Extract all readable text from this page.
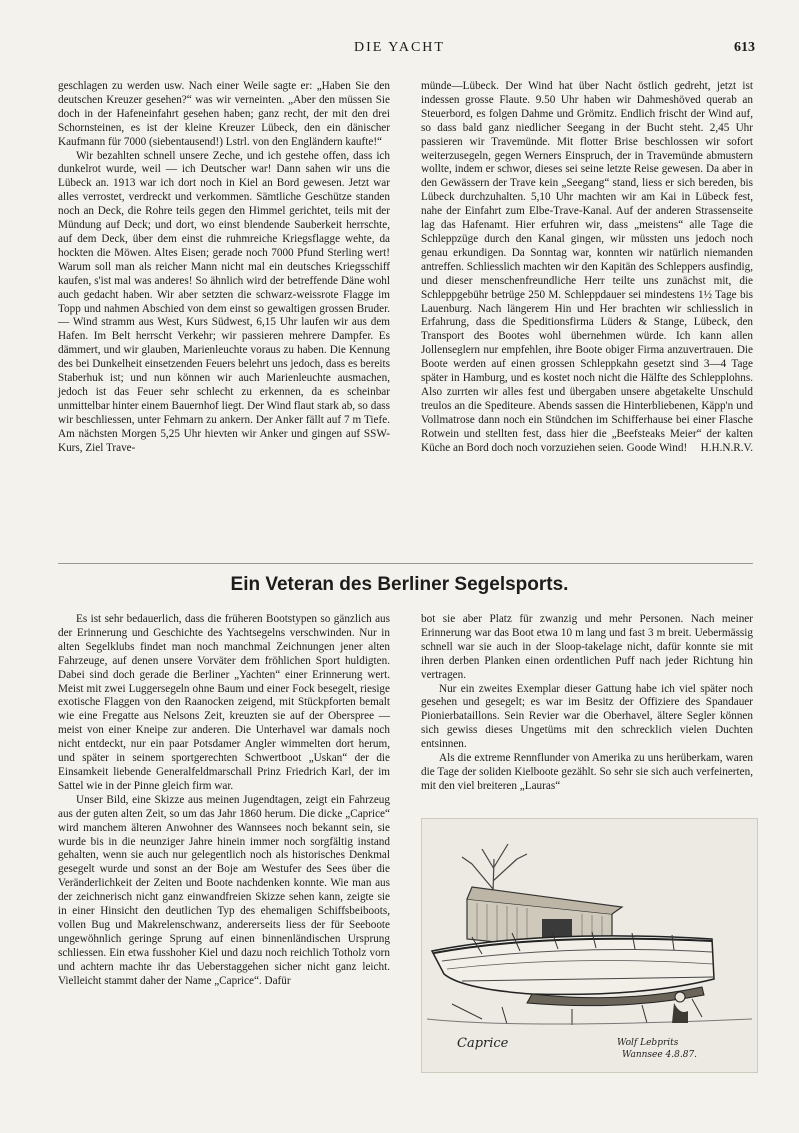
DIE YACHT	613

geschlagen zu werden usw. Nach einer Weile sagte er: „Haben Sie den deutschen Kreuzer gesehen?“ was wir verneinten. „Aber den müssen Sie doch in der Hafeneinfahrt gesehen haben; ganz recht, der mit den drei Schornsteinen, es ist der kleine Kreuzer Lübeck, den ein dänischer Kaufmann für 7000 (siebentausend!) Lstrl. von den Engländern kaufte!“

Wir bezahlten schnell unsere Zeche, und ich gestehe offen, dass ich dunkelrot wurde, weil — ich Deutscher war! Dann sahen wir uns die Lübeck an. 1913 war ich dort noch in Kiel an Bord gewesen. Jetzt war alles verrostet, verdreckt und verkommen. Sämtliche Geschütze standen noch an Deck, die Rohre teils gegen den Himmel gerichtet, teils mit der Mündung auf Deck; und dort, wo einst blendende Sauberkeit herrschte, auf dem Deck, über dem einst die ruhmreiche Kriegsflagge wehte, da hockten die Möwen. Altes Eisen; gerade noch 7000 Pfund Sterling wert! Warum soll man als reicher Mann nicht mal ein deutsches Kriegsschiff kaufen, s'ist mal was anderes! So ähnlich wird der betreffende Däne wohl auch gedacht haben. Wir aber setzten die schwarz-weissrote Flagge im Topp und nahmen Abschied von dem einst so gewaltigen grossen Bruder. — Wind stramm aus West, Kurs Südwest, 6,15 Uhr laufen wir aus dem Hafen. Im Belt herrscht Verkehr; wir passieren mehrere Dampfer. Es dämmert, und wir glauben, Marienleuchte voraus zu haben. Die Kennung des bei Dunkelheit einsetzenden Feuers belehrt uns jedoch, dass es bereits Staberhuk ist; und nun können wir auch Marienleuchte ausmachen, jedoch ist das Feuer sehr schlecht zu erkennen, da es scheinbar unmittelbar hinter einem Bauernhof liegt. Der Wind flaut stark ab, so dass wir beschliessen, unter Fehmarn zu ankern. Der Anker fällt auf 7 m Tiefe. Am nächsten Morgen 5,25 Uhr hievten wir Anker und gingen auf SSW-Kurs, Ziel Trave-

münde—Lübeck. Der Wind hat über Nacht östlich gedreht, jetzt ist indessen grosse Flaute. 9.50 Uhr haben wir Dahmeshöved querab an Steuerbord, es folgen Dahme und Grömitz. Endlich frischt der Wind auf, so dass bald ganz niedlicher Seegang in der Bucht steht. 2,45 Uhr passieren wir Travemünde. Mit flotter Brise beschlossen wir sofort weiterzusegeln, gegen Werners Einspruch, der in Travemünde abmustern wollte, indem er schwor, dieses sei seine letzte Reise gewesen. Da aber in den Gewässern der Trave kein „Seegang“ stand, liess er sich bereden, bis Lübeck durchzuhalten. 5,10 Uhr machten wir am Kai in Lübeck fest, nahe der Einfahrt zum Elbe-Trave-Kanal. Auf der anderen Strassenseite lag das Hafenamt. Hier erfuhren wir, dass „meistens“ alle Tage die Schleppzüge durch den Kanal gingen, wir müssten uns jedoch noch genau erkundigen. Da Sonntag war, konnten wir natürlich niemanden antreffen. Schliesslich machten wir den Kapitän des Schleppers ausfindig, und dieser menschenfreundliche Herr teilte uns zunächst mit, die Schleppgebühr betrüge 250 M. Schleppdauer sei mindestens 1½ Tage bis Lauenburg. Nach längerem Hin und Her brachten wir schliesslich in Erfahrung, dass die Speditionsfirma Lüders & Stange, Lübeck, den Transport des Bootes wohl übernehmen würde. Ich kann allen Jollenseglern nur empfehlen, ihre Boote obiger Firma anzuvertrauen. Die Boote werden auf einen grossen Schleppkahn gesetzt sind 3—4 Tage später in Hamburg, und es kostet noch nicht die Hälfte des Schlepplohns. Also zurrten wir alles fest und übergaben unsere abgetakelte Unschuld treulos an die Spediteure. Abends sassen die Hinterbliebenen, Käpp'n und Vollmatrose dann noch ein Stündchen im Schifferhause bei einer Flasche Rotwein und stellten fest, dass hier die „Beefsteaks Meier“ der kalten Küche an Bord doch noch vorzuziehen seien. Goode Wind! H.H.N.R.V.

Ein Veteran des Berliner Segelsports.

Es ist sehr bedauerlich, dass die früheren Bootstypen so gänzlich aus der Erinnerung und Geschichte des Yachtsegelns verschwinden. Nur in alten Segelklubs findet man noch manchmal Zeichnungen jener alten Fahrzeuge, auf denen unsere Vorväter dem fröhlichen Sport huldigten. Dabei sind doch gerade die Berliner „Yachten“ einer Erinnerung wert. Meist mit zwei Luggersegeln ohne Baum und einer Fock besegelt, riesige exotische Flaggen von den Raanocken zeigend, mit Stückpforten bemalt wie eine Fregatte aus Nelsons Zeit, kreuzten sie auf der Oberspree — meist von einer Kneipe zur anderen. Die Unterhavel war damals noch nicht entdeckt, nur ein paar Potsdamer Angler wimmelten dort herum, und später in seinem sportgerechten Schwertboot „Uskan“ der die Einsamkeit liebende Generalfeldmarschall Prinz Friedrich Karl, der im Sattel wie in der Pinne gleich firm war.

Unser Bild, eine Skizze aus meinen Jugendtagen, zeigt ein Fahrzeug aus der guten alten Zeit, so um das Jahr 1860 herum. Die dicke „Caprice“ wird manchem älteren Anwohner des Wannsees noch bekannt sein, sie wurde bis in die neunziger Jahre hinein immer noch sorgfältig instand gehalten, wenn sie auch nur gelegentlich noch als historisches Denkmal gesegelt wurde und sonst an der Boje am Westufer des Sees über die Veränderlichkeit der Zeiten und Boote nachdenken konnte. Wie man aus der zeichnerisch nicht ganz einwandfreien Skizze sehen kann, zeigte sie in einer Hinsicht den deutlichen Typ des ehemaligen Schiffsbeiboots, vollen Bug und Makrelenschwanz, andererseits liess der für Seeboote ungewöhnlich geringe Sprung auf einen binnenländischen Ursprung schliessen. Ein etwa fusshoher Kiel und dazu noch reichlich Totholz vorn und achtern machte ihr das Ueberstaggehen sicher nicht ganz leicht. Vielleicht stammt daher der Name „Caprice“. Dafür

bot sie aber Platz für zwanzig und mehr Personen. Nach meiner Erinnerung war das Boot etwa 10 m lang und fast 3 m breit. Uebermässig schnell war sie auch in der Sloop-takelage nicht, dafür konnte sie mit ihren derben Planken einen ordentlichen Puff nach jeder Richtung hin vertragen.

Nur ein zweites Exemplar dieser Gattung habe ich viel später noch gesehen und gesegelt; es war im Besitz der Offiziere des Spandauer Pionierbataillons. Sein Revier war die Oberhavel, ältere Segler können sich gewiss dieses Ungetüms mit den schrecklich vielen Duchten entsinnen.

Als die extreme Rennflunder von Amerika zu uns herüberkam, waren die Tage der soliden Kielboote gezählt. So sehr sie sich auch verfeinerten, mit den viel breiteren „Lauras“

Caprice	Wolf Lebprits
Wannsee 4.8.87.
